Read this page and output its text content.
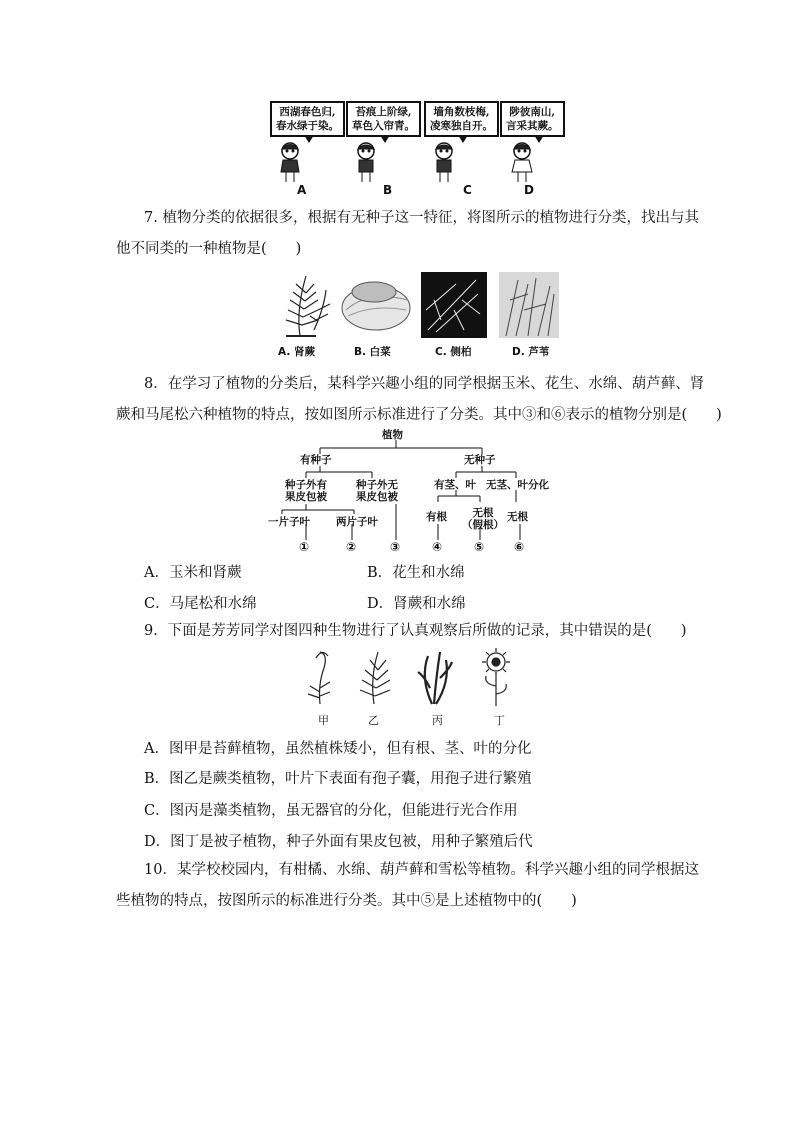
西湖春色归,
春水绿于染。
苔痕上阶绿,
草色入帘青。
墙角数枝梅,
凌寒独自开。
陟彼南山,
言采其蕨。
A	B	C	D
7. 植物分类的依据很多，根据有无种子这一特征，将图所示的植物进行分类，找出与其
他不同类的一种植物是(　　)
A. 肾蕨	B. 白菜	C. 侧柏	D. 芦苇
8．在学习了植物的分类后，某科学兴趣小组的同学根据玉米、花生、水绵、葫芦藓、肾
蕨和马尾松六种植物的特点，按如图所示标准进行了分类。其中③和⑥表示的植物分别是(　　)
植物
有种子	无种子
种子外有
果皮包被
种子外无
果皮包被
有茎、叶 无茎、叶分化
一片子叶 两片子叶	有根	无根
（假根）
无根
①	②	③	④	⑤ ⑥
A．玉米和肾蕨	B．花生和水绵
C．马尾松和水绵	D．肾蕨和水绵
9．下面是芳芳同学对图四种生物进行了认真观察后所做的记录，其中错误的是(　　)
甲	乙	丙	丁
A．图甲是苔藓植物，虽然植株矮小，但有根、茎、叶的分化
B．图乙是蕨类植物，叶片下表面有孢子囊，用孢子进行繁殖
C．图丙是藻类植物，虽无器官的分化，但能进行光合作用
D．图丁是被子植物，种子外面有果皮包被，用种子繁殖后代
10．某学校校园内，有柑橘、水绵、葫芦藓和雪松等植物。科学兴趣小组的同学根据这
些植物的特点，按图所示的标准进行分类。其中⑤是上述植物中的(　　)
